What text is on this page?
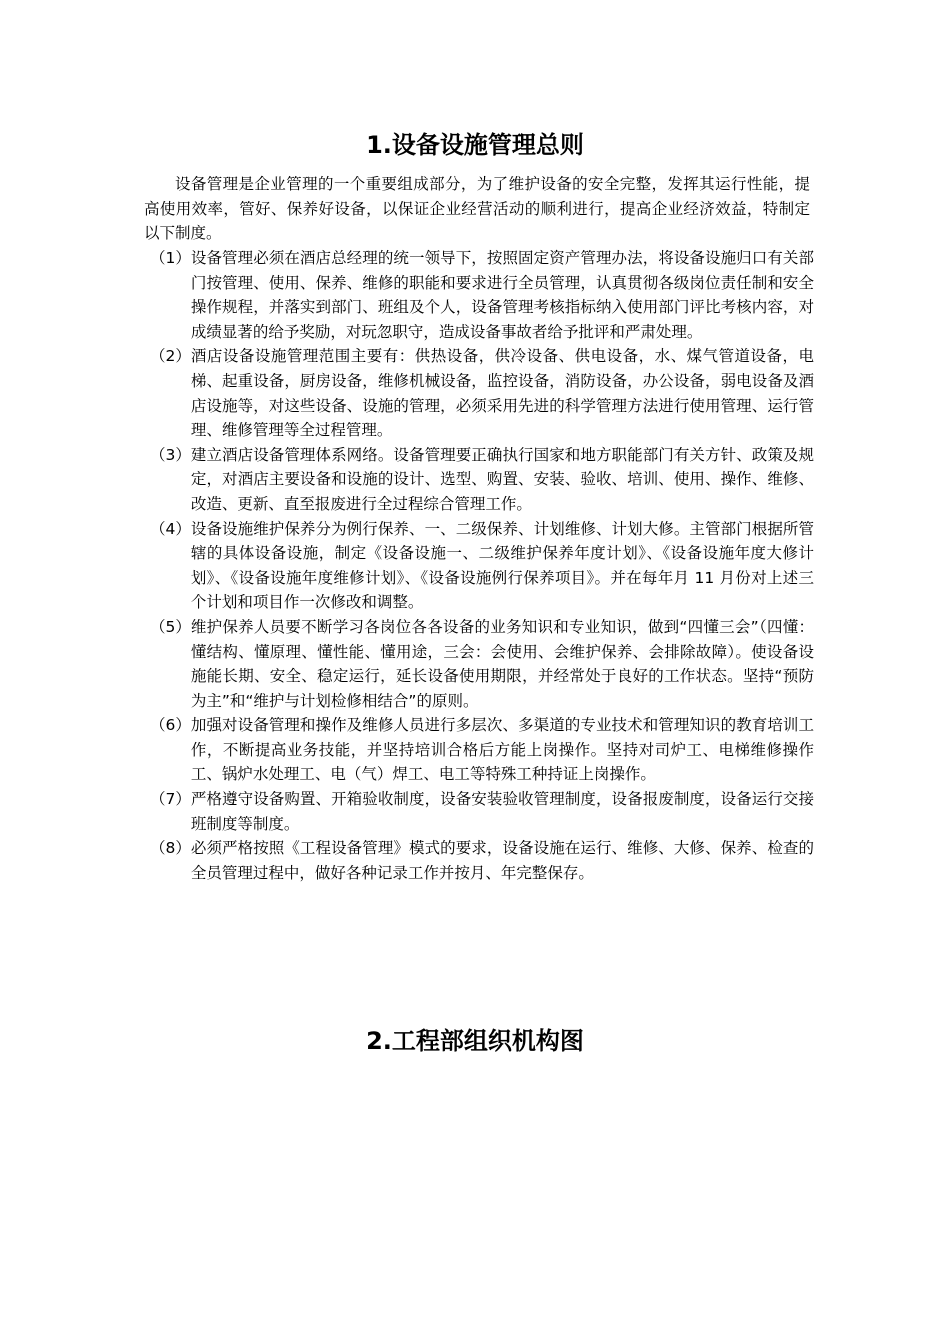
1.设备设施管理总则

设备管理是企业管理的一个重要组成部分，为了维护设备的安全完整，发挥其运行性能，提高使用效率，管好、保养好设备，以保证企业经营活动的顺利进行，提高企业经济效益，特制定以下制度。

（1） 设备管理必须在酒店总经理的统一领导下，按照固定资产管理办法，将设备设施归口有关部门按管理、使用、保养、维修的职能和要求进行全员管理，认真贯彻各级岗位责任制和安全操作规程，并落实到部门、班组及个人，设备管理考核指标纳入使用部门评比考核内容，对成绩显著的给予奖励，对玩忽职守，造成设备事故者给予批评和严肃处理。
（2） 酒店设备设施管理范围主要有：供热设备，供冷设备、供电设备，水、煤气管道设备，电梯、起重设备，厨房设备，维修机械设备，监控设备，消防设备，办公设备，弱电设备及酒店设施等，对这些设备、设施的管理，必须采用先进的科学管理方法进行使用管理、运行管理、维修管理等全过程管理。
（3） 建立酒店设备管理体系网络。设备管理要正确执行国家和地方职能部门有关方针、政策及规定，对酒店主要设备和设施的设计、选型、购置、安装、验收、培训、使用、操作、维修、改造、更新、直至报废进行全过程综合管理工作。
（4） 设备设施维护保养分为例行保养、一、二级保养、计划维修、计划大修。主管部门根据所管辖的具体设备设施，制定《设备设施一、二级维护保养年度计划》、《设备设施年度大修计划》、《设备设施年度维修计划》、《设备设施例行保养项目》。并在每年月 11 月份对上述三个计划和项目作一次修改和调整。
（5） 维护保养人员要不断学习各岗位各各设备的业务知识和专业知识，做到“四懂三会”（四懂：懂结构、懂原理、懂性能、懂用途，三会：会使用、会维护保养、会排除故障）。使设备设施能长期、安全、稳定运行，延长设备使用期限，并经常处于良好的工作状态。坚持“预防为主”和“维护与计划检修相结合”的原则。
（6） 加强对设备管理和操作及维修人员进行多层次、多渠道的专业技术和管理知识的教育培训工作，不断提高业务技能，并坚持培训合格后方能上岗操作。坚持对司炉工、电梯维修操作工、锅炉水处理工、电（气）焊工、电工等特殊工种持证上岗操作。
（7） 严格遵守设备购置、开箱验收制度，设备安装验收管理制度，设备报废制度，设备运行交接班制度等制度。
（8） 必须严格按照《工程设备管理》模式的要求，设备设施在运行、维修、大修、保养、检查的全员管理过程中，做好各种记录工作并按月、年完整保存。
2.工程部组织机构图
